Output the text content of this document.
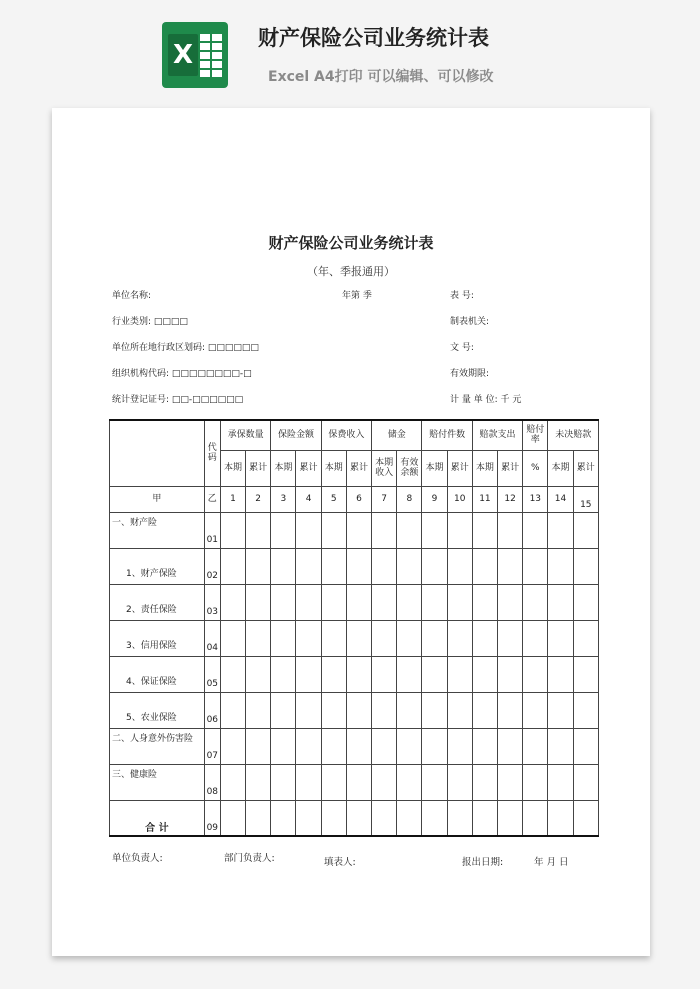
X
财产保险公司业务统计表
Excel A4打印 可以编辑、可以修改
财产保险公司业务统计表
（年、季报通用）
单位名称:	年第 季	表 号:
行业类别: □□□□	制表机关:
单位所在地行政区划码: □□□□□□	文 号:
组织机构代码: □□□□□□□□-□	有效期限:
统计登记证号: □□-□□□□□□	计 量 单 位: 千 元
	代码	承保数量		保险金额		保费收入		储金		赔付件数		赔款支出		赔付率	未决赔款	
		本期	累计	本期	累计	本期	累计	本期收入	有效余额	本期	累计	本期	累计	%	本期	累计
甲	乙	1	2	3	4	5	6	7	8	9	10	11	12	13	14	15
一、财产险	01															
1、财产保险	02															
2、责任保险	03															
3、信用保险	04															
4、保证保险	05															
5、农业保险	06															
二、人身意外伤害险	07															
三、健康险	08															
合 计	09															
单位负责人:	部门负责人:	填表人:	报出日期:	年 月 日
